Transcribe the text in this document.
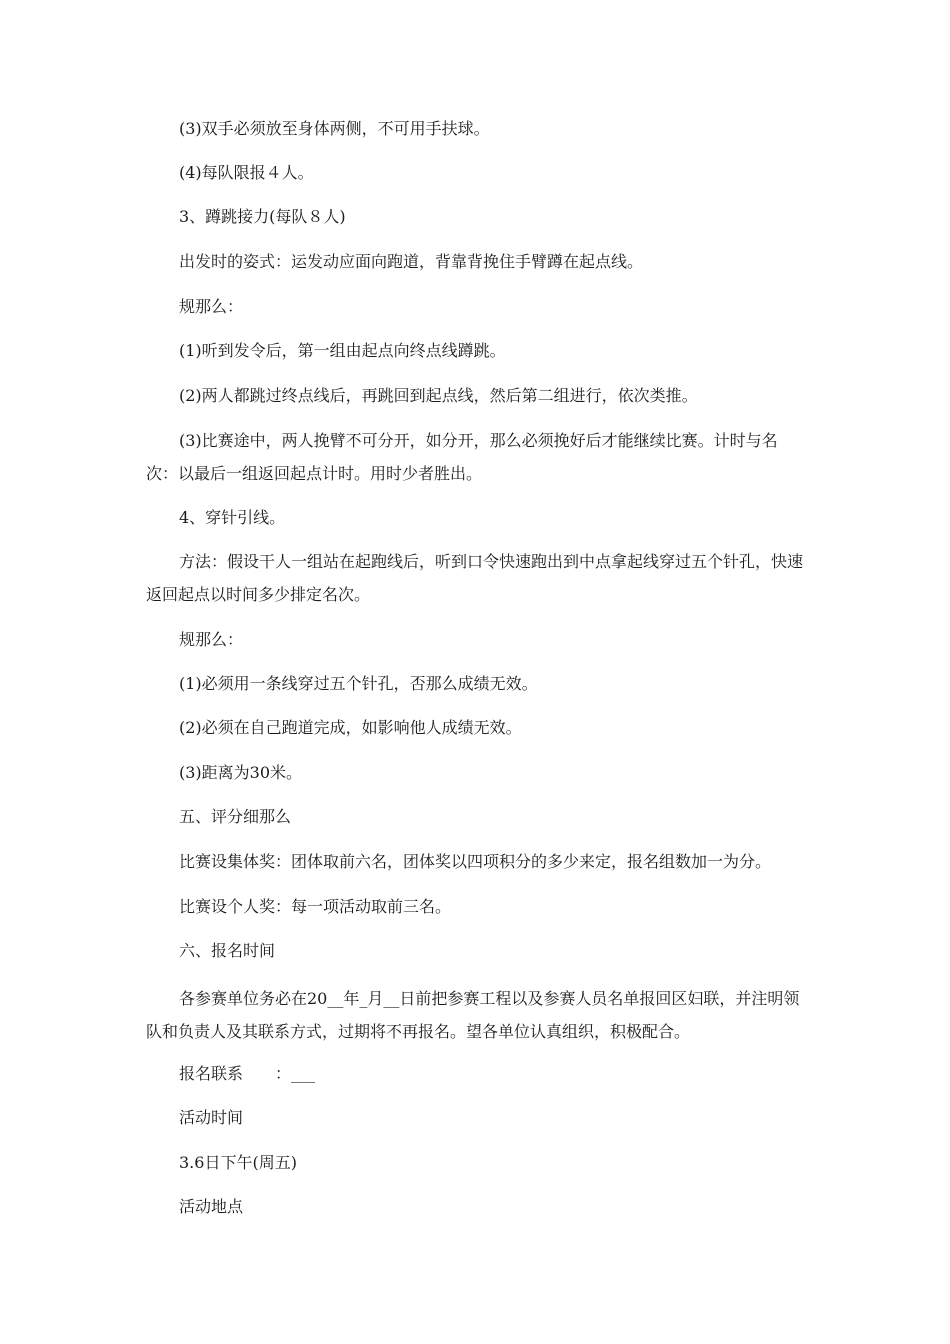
(3)双手必须放至身体两侧，不可用手扶球。

(4)每队限报４人。

3、蹲跳接力(每队８人)

出发时的姿式：运发动应面向跑道，背靠背挽住手臂蹲在起点线。

规那么：

(1)听到发令后，第一组由起点向终点线蹲跳。

(2)两人都跳过终点线后，再跳回到起点线，然后第二组进行，依次类推。

(3)比赛途中，两人挽臂不可分开，如分开，那么必须挽好后才能继续比赛。计时与名次：以最后一组返回起点计时。用时少者胜出。

4、穿针引线。

方法：假设干人一组站在起跑线后，听到口令快速跑出到中点拿起线穿过五个针孔，快速返回起点以时间多少排定名次。

规那么：

(1)必须用一条线穿过五个针孔，否那么成绩无效。

(2)必须在自己跑道完成，如影响他人成绩无效。

(3)距离为30米。

五、评分细那么

比赛设集体奖：团体取前六名，团体奖以四项积分的多少来定，报名组数加一为分。

比赛设个人奖：每一项活动取前三名。

六、报名时间

各参赛单位务必在20__年_月__日前把参赛工程以及参赛人员名单报回区妇联，并注明领队和负责人及其联系方式，过期将不再报名。望各单位认真组织，积极配合。

报名联系　　：___

活动时间

3.6日下午(周五)

活动地点
